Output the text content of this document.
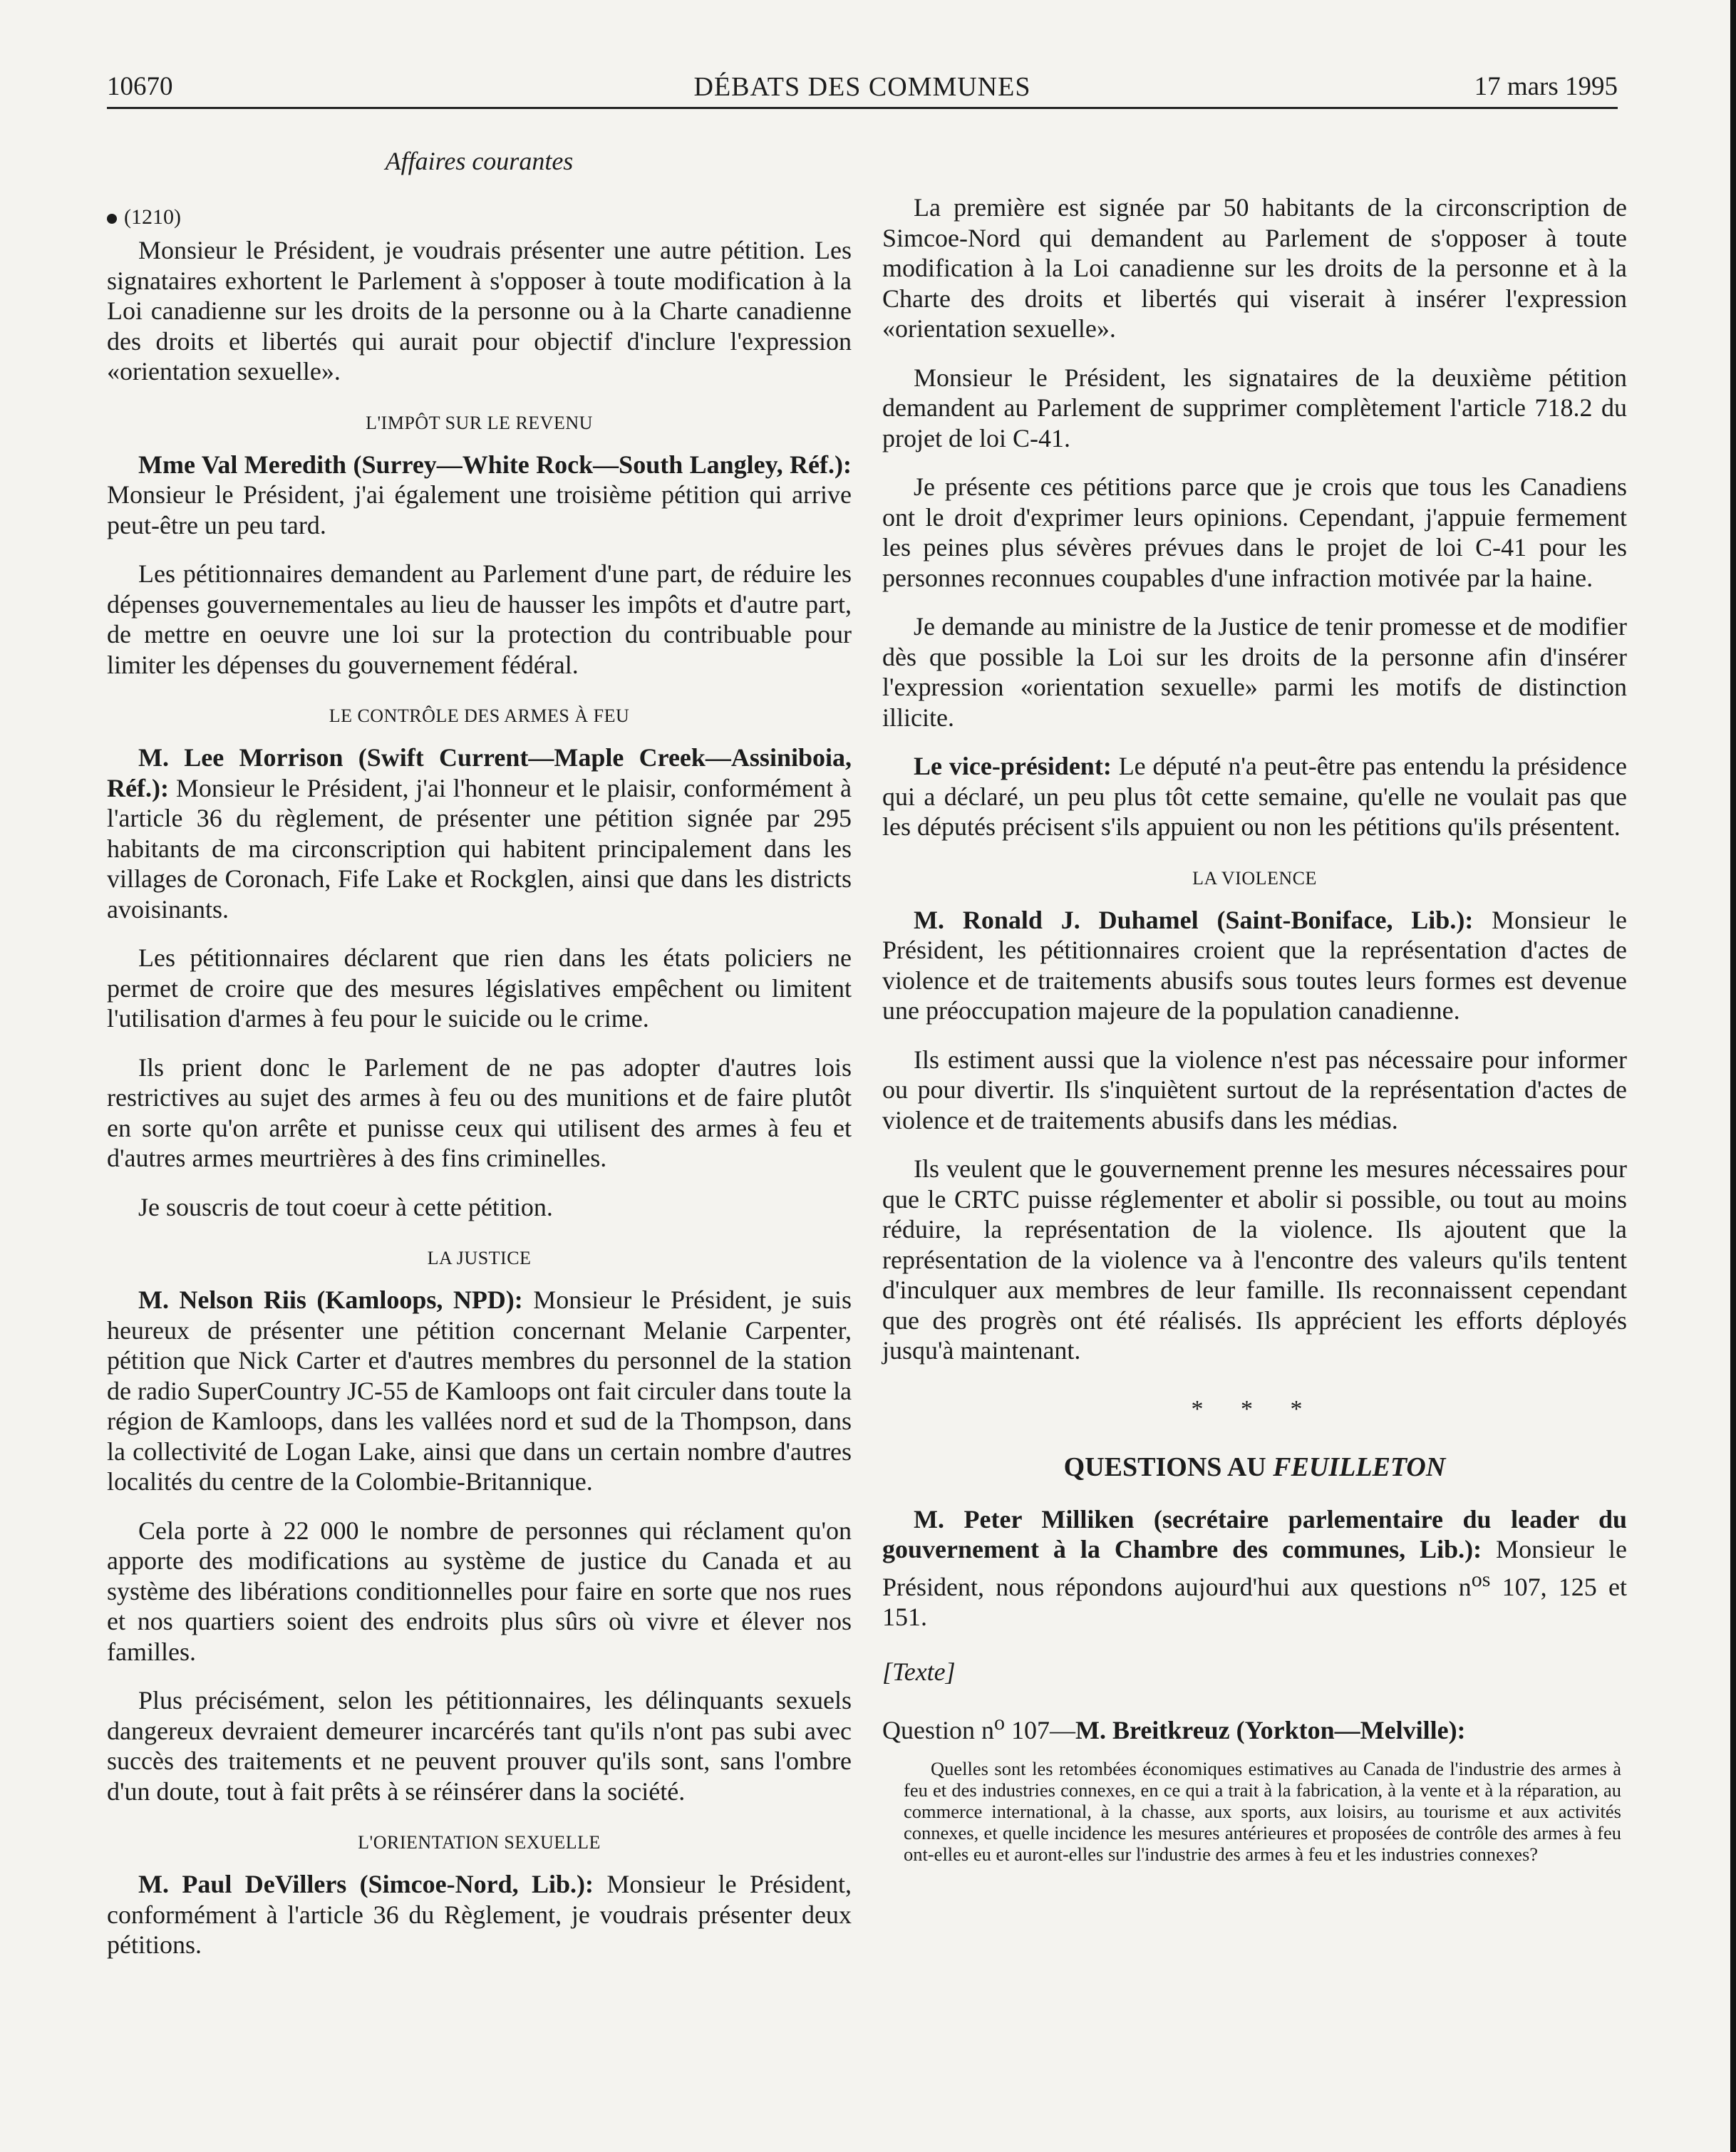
DÉBATS DES COMMUNES
10670	17 mars 1995
Affaires courantes
(1210)

Monsieur le Président, je voudrais présenter une autre pétition. Les signataires exhortent le Parlement à s'opposer à toute modification à la Loi canadienne sur les droits de la personne ou à la Charte canadienne des droits et libertés qui aurait pour objectif d'inclure l'expression «orientation sexuelle».

L'IMPÔT SUR LE REVENU

Mme Val Meredith (Surrey—White Rock—South Langley, Réf.): Monsieur le Président, j'ai également une troisième pétition qui arrive peut-être un peu tard.

Les pétitionnaires demandent au Parlement d'une part, de réduire les dépenses gouvernementales au lieu de hausser les impôts et d'autre part, de mettre en oeuvre une loi sur la protection du contribuable pour limiter les dépenses du gouvernement fédéral.

LE CONTRÔLE DES ARMES À FEU

M. Lee Morrison (Swift Current—Maple Creek—Assiniboia, Réf.): Monsieur le Président, j'ai l'honneur et le plaisir, conformément à l'article 36 du règlement, de présenter une pétition signée par 295 habitants de ma circonscription qui habitent principalement dans les villages de Coronach, Fife Lake et Rockglen, ainsi que dans les districts avoisinants.

Les pétitionnaires déclarent que rien dans les états policiers ne permet de croire que des mesures législatives empêchent ou limitent l'utilisation d'armes à feu pour le suicide ou le crime.

Ils prient donc le Parlement de ne pas adopter d'autres lois restrictives au sujet des armes à feu ou des munitions et de faire plutôt en sorte qu'on arrête et punisse ceux qui utilisent des armes à feu et d'autres armes meurtrières à des fins criminelles.

Je souscris de tout coeur à cette pétition.

LA JUSTICE

M. Nelson Riis (Kamloops, NPD): Monsieur le Président, je suis heureux de présenter une pétition concernant Melanie Carpenter, pétition que Nick Carter et d'autres membres du personnel de la station de radio SuperCountry JC-55 de Kamloops ont fait circuler dans toute la région de Kamloops, dans les vallées nord et sud de la Thompson, dans la collectivité de Logan Lake, ainsi que dans un certain nombre d'autres localités du centre de la Colombie-Britannique.

Cela porte à 22 000 le nombre de personnes qui réclament qu'on apporte des modifications au système de justice du Canada et au système des libérations conditionnelles pour faire en sorte que nos rues et nos quartiers soient des endroits plus sûrs où vivre et élever nos familles.

Plus précisément, selon les pétitionnaires, les délinquants sexuels dangereux devraient demeurer incarcérés tant qu'ils n'ont pas subi avec succès des traitements et ne peuvent prouver qu'ils sont, sans l'ombre d'un doute, tout à fait prêts à se réinsérer dans la société.

L'ORIENTATION SEXUELLE

M. Paul DeVillers (Simcoe-Nord, Lib.): Monsieur le Président, conformément à l'article 36 du Règlement, je voudrais présenter deux pétitions.

La première est signée par 50 habitants de la circonscription de Simcoe-Nord qui demandent au Parlement de s'opposer à toute modification à la Loi canadienne sur les droits de la personne et à la Charte des droits et libertés qui viserait à insérer l'expression «orientation sexuelle».

Monsieur le Président, les signataires de la deuxième pétition demandent au Parlement de supprimer complètement l'article 718.2 du projet de loi C-41.

Je présente ces pétitions parce que je crois que tous les Canadiens ont le droit d'exprimer leurs opinions. Cependant, j'appuie fermement les peines plus sévères prévues dans le projet de loi C-41 pour les personnes reconnues coupables d'une infraction motivée par la haine.

Je demande au ministre de la Justice de tenir promesse et de modifier dès que possible la Loi sur les droits de la personne afin d'insérer l'expression «orientation sexuelle» parmi les motifs de distinction illicite.

Le vice-président: Le député n'a peut-être pas entendu la présidence qui a déclaré, un peu plus tôt cette semaine, qu'elle ne voulait pas que les députés précisent s'ils appuient ou non les pétitions qu'ils présentent.

LA VIOLENCE

M. Ronald J. Duhamel (Saint-Boniface, Lib.): Monsieur le Président, les pétitionnaires croient que la représentation d'actes de violence et de traitements abusifs sous toutes leurs formes est devenue une préoccupation majeure de la population canadienne.

Ils estiment aussi que la violence n'est pas nécessaire pour informer ou pour divertir. Ils s'inquiètent surtout de la représentation d'actes de violence et de traitements abusifs dans les médias.

Ils veulent que le gouvernement prenne les mesures nécessaires pour que le CRTC puisse réglementer et abolir si possible, ou tout au moins réduire, la représentation de la violence. Ils ajoutent que la représentation de la violence va à l'encontre des valeurs qu'ils tentent d'inculquer aux membres de leur famille. Ils reconnaissent cependant que des progrès ont été réalisés. Ils apprécient les efforts déployés jusqu'à maintenant.

* * *
QUESTIONS AU FEUILLETON

M. Peter Milliken (secrétaire parlementaire du leader du gouvernement à la Chambre des communes, Lib.): Monsieur le Président, nous répondons aujourd'hui aux questions $n^{os}$ 107, 125 et 151.

[Texte]
Question $n^o$ 107—M. Breitkreuz (Yorkton—Melville):
Quelles sont les retombées économiques estimatives au Canada de l'industrie des armes à feu et des industries connexes, en ce qui a trait à la fabrication, à la vente et à la réparation, au commerce international, à la chasse, aux sports, aux loisirs, au tourisme et aux activités connexes, et quelle incidence les mesures antérieures et proposées de contrôle des armes à feu ont-elles eu et auront-elles sur l'industrie des armes à feu et les industries connexes?
